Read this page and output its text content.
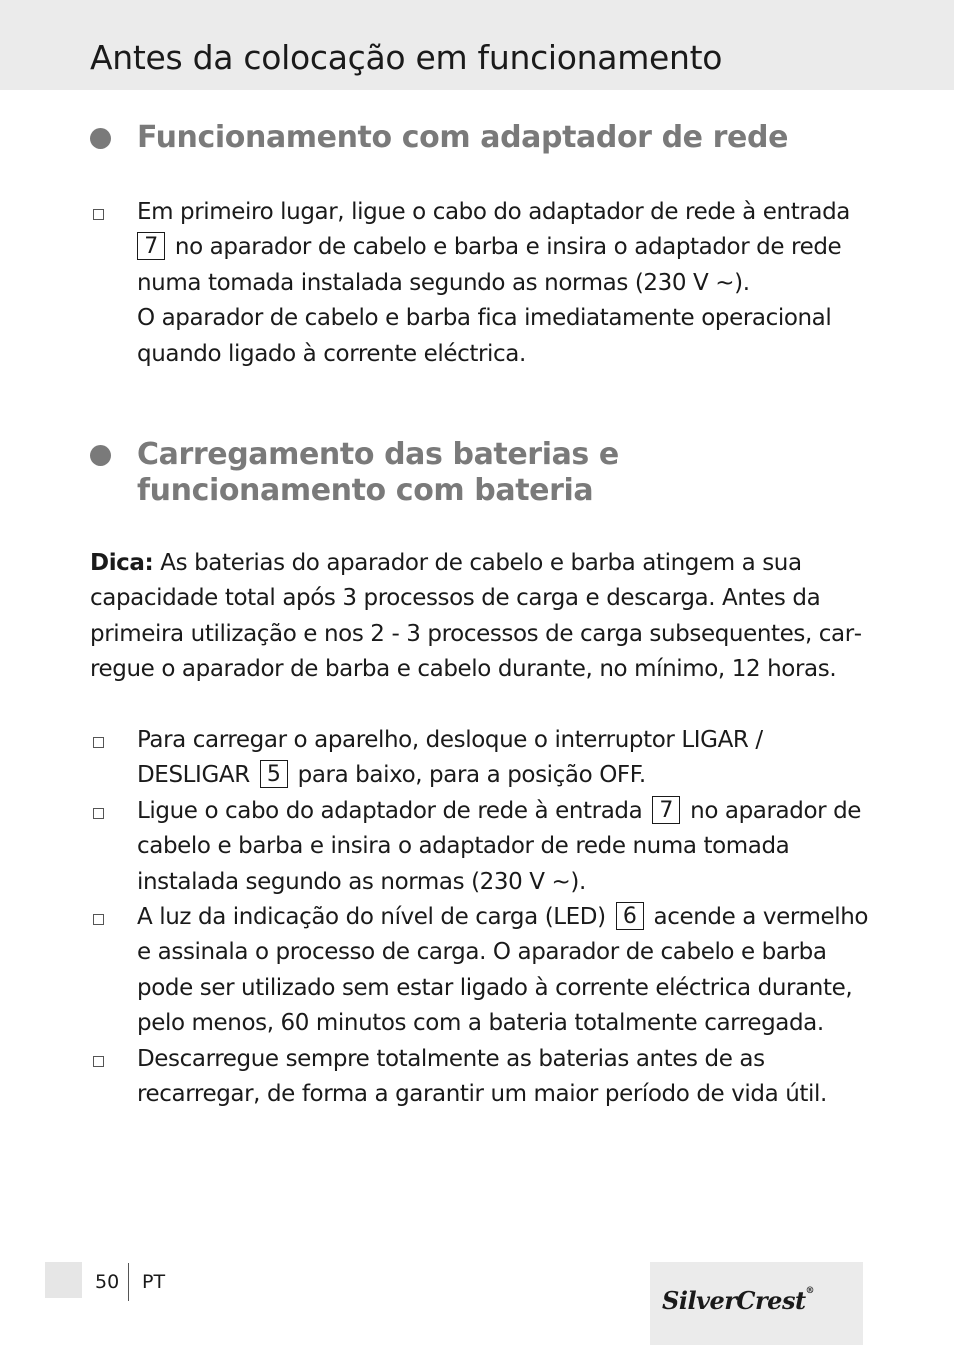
Antes da colocação em funcionamento
Funcionamento com adaptador de rede
Em primeiro lugar, ligue o cabo do adaptador de rede à entrada 7 no aparador de cabelo e barba e insira o adaptador de rede numa tomada instalada segundo as normas (230 V ~).
O aparador de cabelo e barba fica imediatamente operacional quando ligado à corrente eléctrica.
Carregamento das baterias e
funcionamento com bateria
Dica: As baterias do aparador de cabelo e barba atingem a sua capacidade total após 3 processos de carga e descarga. Antes da primeira utilização e nos 2 - 3 processos de carga subsequentes, carregue o aparador de barba e cabelo durante, no mínimo, 12 horas.
Para carregar o aparelho, desloque o interruptor LIGAR / DESLIGAR 5 para baixo, para a posição OFF.
Ligue o cabo do adaptador de rede à entrada 7 no aparador de cabelo e barba e insira o adaptador de rede numa tomada instalada segundo as normas (230 V ~).
A luz da indicação do nível de carga (LED) 6 acende a vermelho e assinala o processo de carga. O aparador de cabelo e barba pode ser utilizado sem estar ligado à corrente eléctrica durante, pelo menos, 60 minutos com a bateria totalmente carregada.
Descarregue sempre totalmente as baterias antes de as recarregar, de forma a garantir um maior período de vida útil.
50 PT
SilverCrest®
